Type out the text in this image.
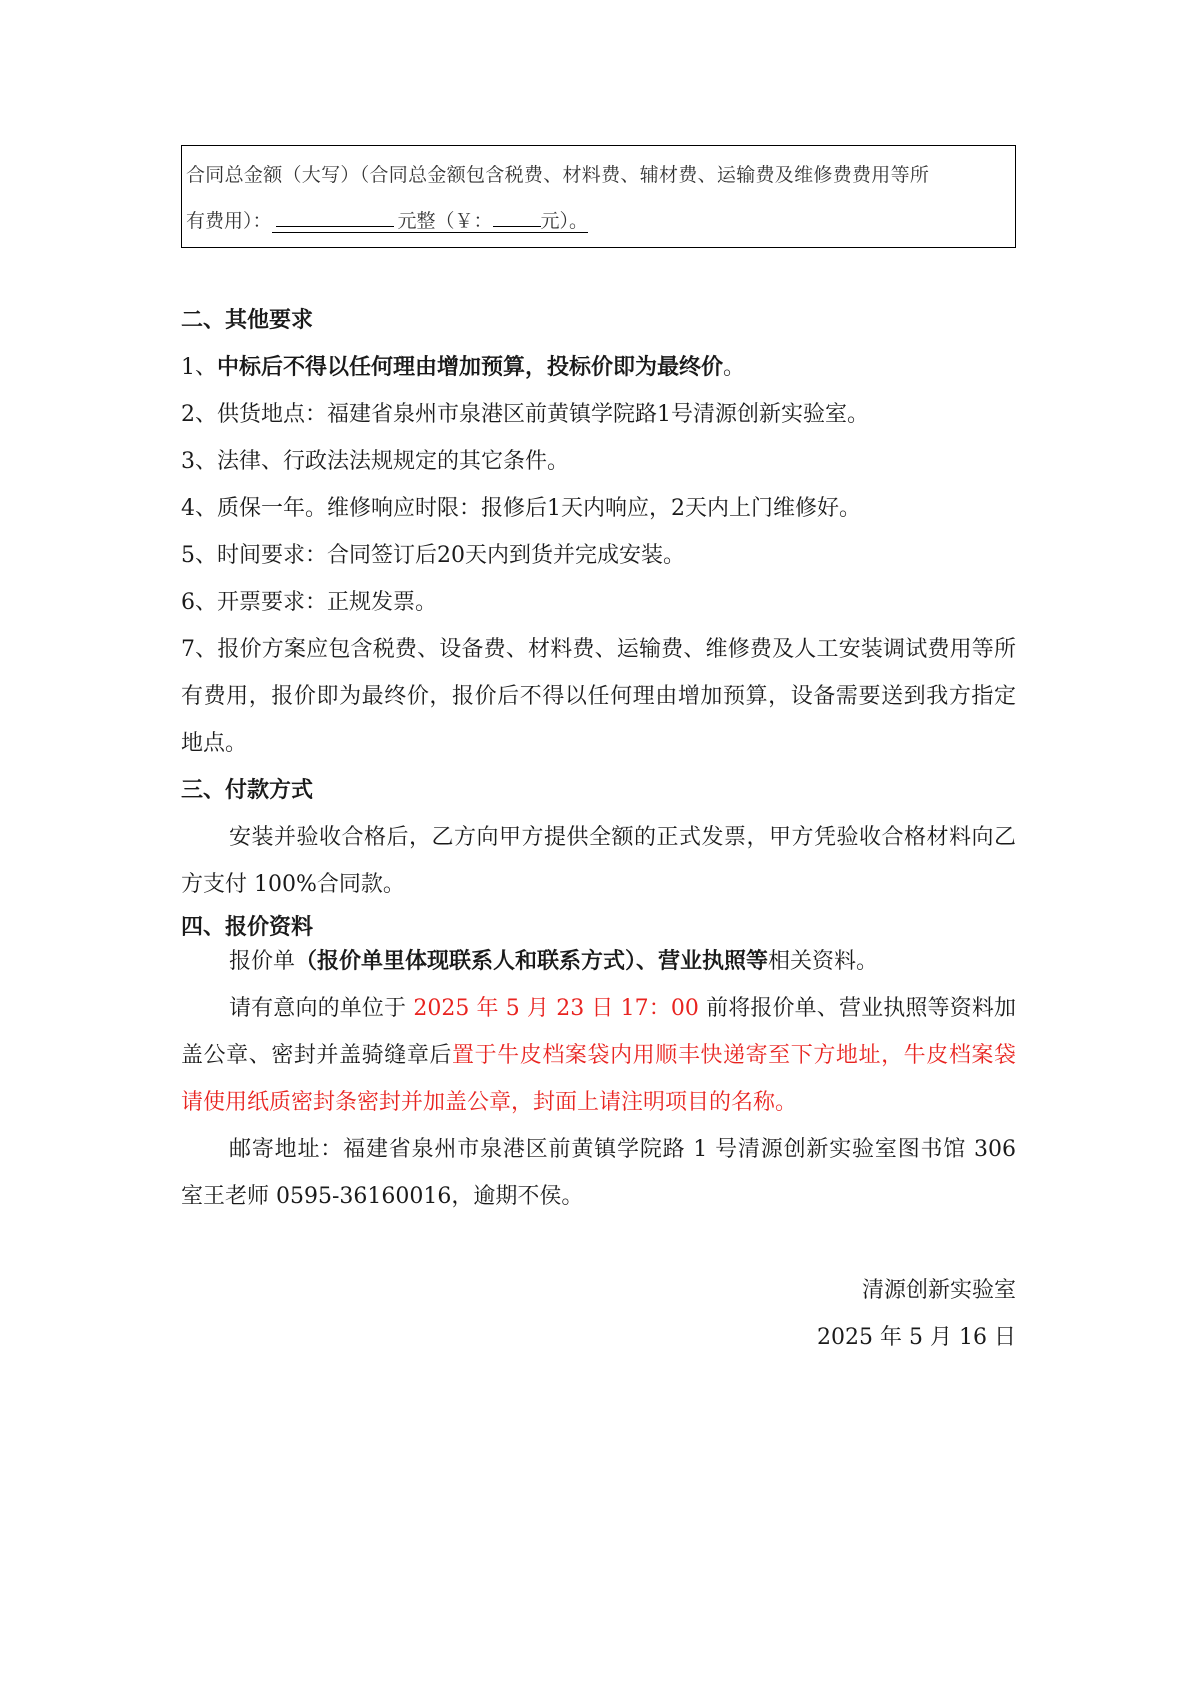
合同总金额（大写）（合同总金额包含税费、材料费、辅材费、运输费及维修费费用等所
有费用）：	元整（￥：	元）。
二、其他要求
1、中标后不得以任何理由增加预算，投标价即为最终价。
2、供货地点：福建省泉州市泉港区前黄镇学院路1号清源创新实验室。
3、法律、行政法法规规定的其它条件。
4、质保一年。维修响应时限：报修后1天内响应，2天内上门维修好。
5、时间要求：合同签订后20天内到货并完成安装。
6、开票要求：正规发票。
7、报价方案应包含税费、设备费、材料费、运输费、维修费及人工安装调试费用等所有费用，报价即为最终价，报价后不得以任何理由增加预算，设备需要送到我方指定地点。
三、付款方式
安装并验收合格后，乙方向甲方提供全额的正式发票，甲方凭验收合格材料向乙方支付 100%合同款。
四、报价资料
报价单（报价单里体现联系人和联系方式）、营业执照等相关资料。
请有意向的单位于 2025 年 5 月 23 日 17：00 前将报价单、营业执照等资料加盖公章、密封并盖骑缝章后置于牛皮档案袋内用顺丰快递寄至下方地址，牛皮档案袋请使用纸质密封条密封并加盖公章，封面上请注明项目的名称。
邮寄地址：福建省泉州市泉港区前黄镇学院路 1 号清源创新实验室图书馆 306 室王老师 0595-36160016，逾期不侯。
清源创新实验室
2025 年 5 月 16 日
